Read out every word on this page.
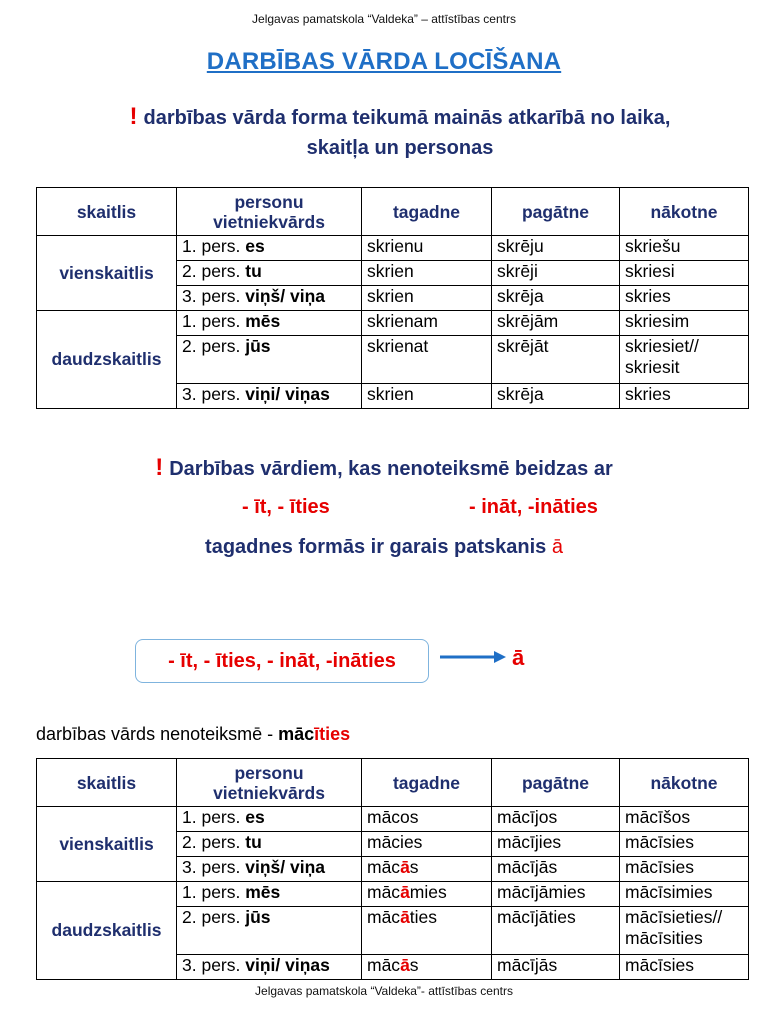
Jelgavas pamatskola “Valdeka” – attīstības centrs
DARBĪBAS VĀRDA LOCĪŠANA
! darbības vārda forma teikumā mainās atkarībā no laika,
skaitļa un personas
skaitlis	personu
vietniekvārds	tagadne	pagātne	nākotne
vienskaitlis	1. pers. es	skrienu	skrēju	skriešu
	2. pers. tu	skrien	skrēji	skriesi
	3. pers. viņš/ viņa	skrien	skrēja	skries
daudzskaitlis	1. pers. mēs	skrienam	skrējām	skriesim
	2. pers. jūs	skrienat	skrējāt	skriesiet//
skriesit
	3. pers. viņi/ viņas	skrien	skrēja	skries
! Darbības vārdiem, kas nenoteiksmē beidzas ar
- īt, - īties	- ināt, -ināties
tagadnes formās ir garais patskanis ā
- īt, - īties, - ināt, -ināties	ā
darbības vārds nenoteiksmē - mācīties
skaitlis	personu
vietniekvārds	tagadne	pagātne	nākotne
vienskaitlis	1. pers. es	mācos	mācījos	mācīšos
	2. pers. tu	mācies	mācījies	mācīsies
	3. pers. viņš/ viņa	mācās	mācījās	mācīsies
daudzskaitlis	1. pers. mēs	mācāmies	mācījāmies	mācīsimies
	2. pers. jūs	mācāties	mācījāties	mācīsieties//
mācīsities
	3. pers. viņi/ viņas	mācās	mācījās	mācīsies
Jelgavas pamatskola “Valdeka”- attīstības centrs
